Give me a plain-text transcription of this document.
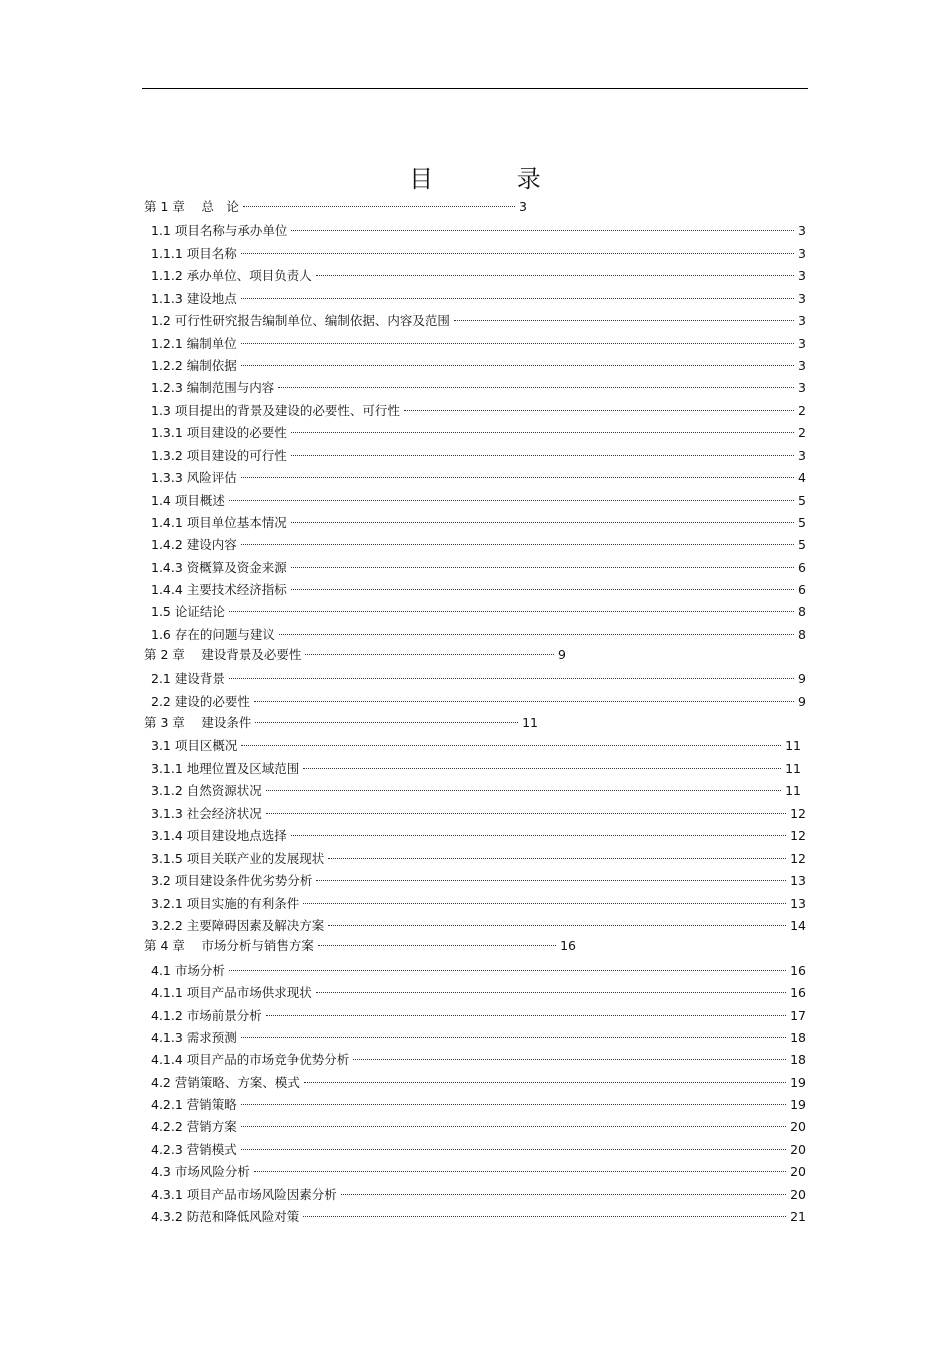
目 录
第 1 章　 总　论	3
1.1 项目名称与承办单位	3
1.1.1 项目名称	3
1.1.2 承办单位、项目负责人	3
1.1.3 建设地点	3
1.2 可行性研究报告编制单位、编制依据、内容及范围	3
1.2.1 编制单位	3
1.2.2 编制依据	3
1.2.3 编制范围与内容	3
1.3 项目提出的背景及建设的必要性、可行性	2
1.3.1 项目建设的必要性	2
1.3.2 项目建设的可行性	3
1.3.3 风险评估	4
1.4 项目概述	5
1.4.1 项目单位基本情况	5
1.4.2 建设内容	5
1.4.3 资概算及资金来源	6
1.4.4 主要技术经济指标	6
1.5 论证结论	8
1.6 存在的问题与建议	8
第 2 章　 建设背景及必要性	9
2.1 建设背景	9
2.2 建设的必要性	9
第 3 章　 建设条件	11
3.1 项目区概况	11
3.1.1 地理位置及区域范围	11
3.1.2 自然资源状况	11
3.1.3 社会经济状况	12
3.1.4 项目建设地点选择	12
3.1.5 项目关联产业的发展现状	12
3.2 项目建设条件优劣势分析	13
3.2.1 项目实施的有利条件	13
3.2.2 主要障碍因素及解决方案	14
第 4 章　 市场分析与销售方案	16
4.1 市场分析	16
4.1.1 项目产品市场供求现状	16
4.1.2 市场前景分析	17
4.1.3 需求预测	18
4.1.4 项目产品的市场竞争优势分析	18
4.2 营销策略、方案、模式	19
4.2.1 营销策略	19
4.2.2 营销方案	20
4.2.3 营销模式	20
4.3 市场风险分析	20
4.3.1 项目产品市场风险因素分析	20
4.3.2 防范和降低风险对策	21
